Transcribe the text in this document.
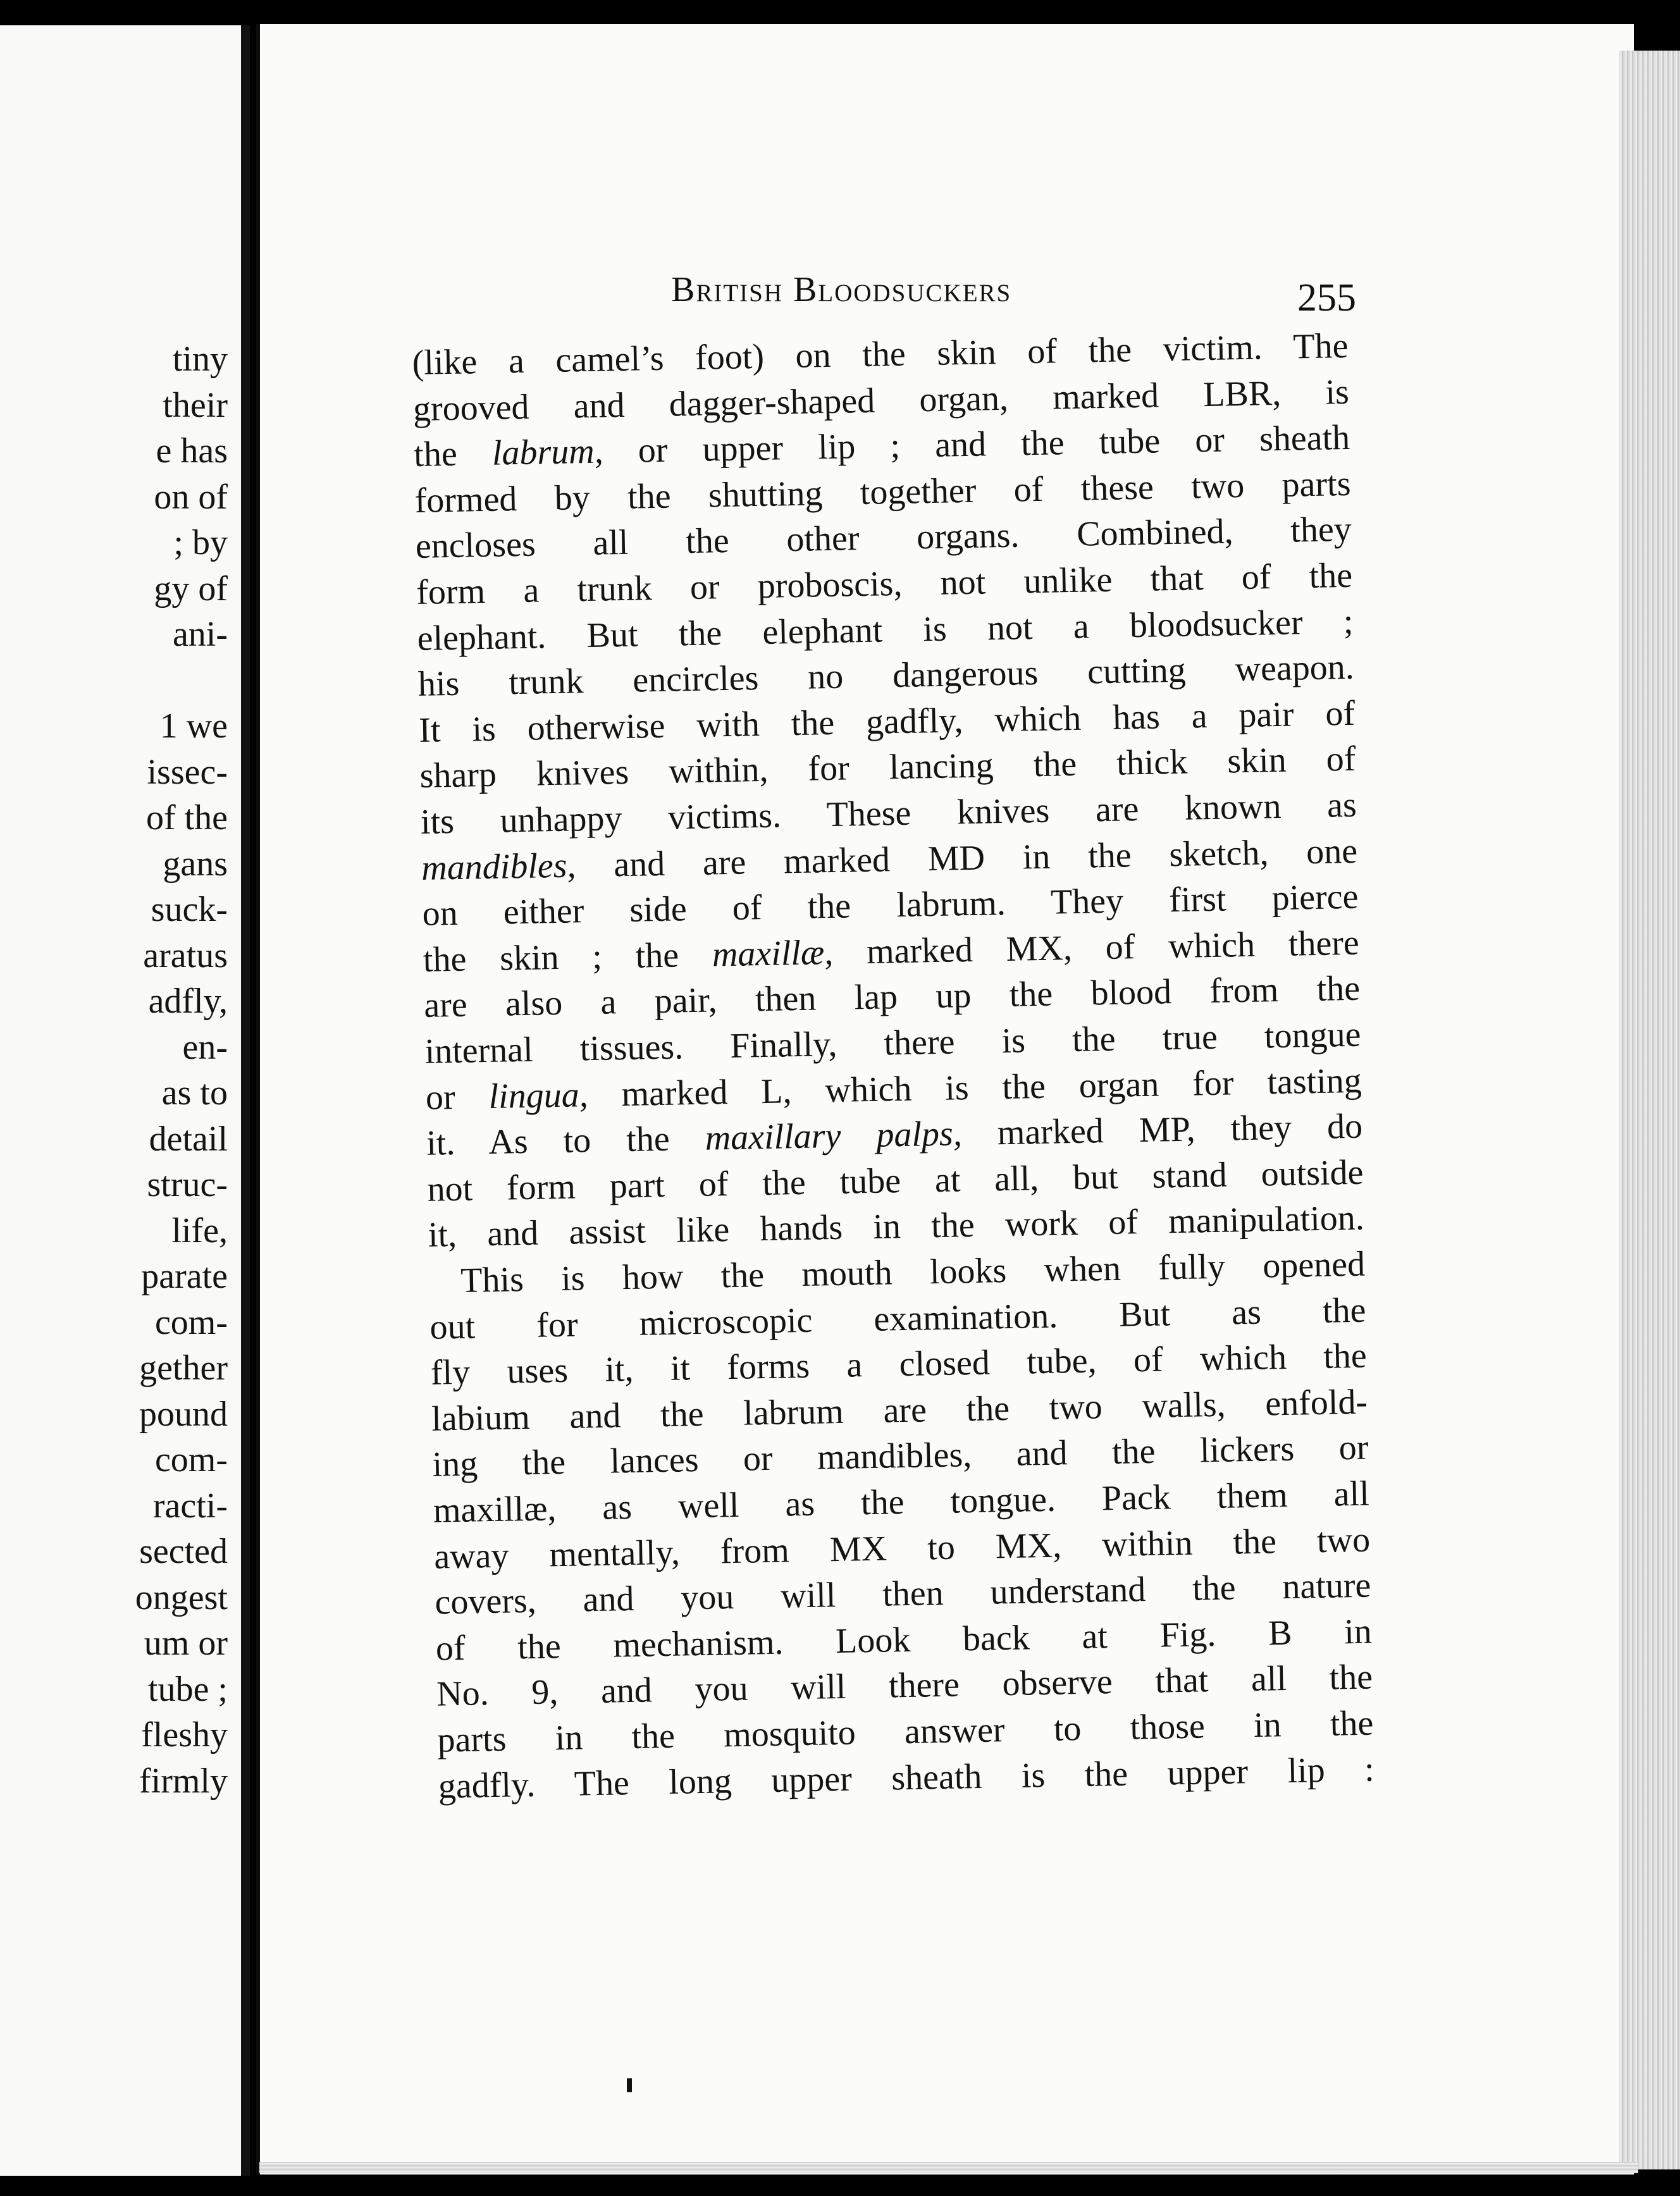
tiny
their
e has
on of
; by
gy of
ani-
1 we
issec-
of the
gans
suck-
aratus
adfly,
en-
as to
detail
struc-
life,
parate
com-
gether
pound
com-
racti-
sected
ongest
um or
tube ;
fleshy
firmly
British Bloodsuckers	255
(like a camel’s foot) on the skin of the victim. The
grooved and dagger-shaped organ, marked LBR, is
the labrum, or upper lip ; and the tube or sheath
formed by the shutting together of these two parts
encloses all the other organs. Combined, they
form a trunk or proboscis, not unlike that of the
elephant. But the elephant is not a bloodsucker ;
his trunk encircles no dangerous cutting weapon.
It is otherwise with the gadfly, which has a pair of
sharp knives within, for lancing the thick skin of
its unhappy victims. These knives are known as
mandibles, and are marked MD in the sketch, one
on either side of the labrum. They first pierce
the skin ; the maxillæ, marked MX, of which there
are also a pair, then lap up the blood from the
internal tissues. Finally, there is the true tongue
or lingua, marked L, which is the organ for tasting
it. As to the maxillary palps, marked MP, they do
not form part of the tube at all, but stand outside
it, and assist like hands in the work of manipulation.
This is how the mouth looks when fully opened
out for microscopic examination. But as the
fly uses it, it forms a closed tube, of which the
labium and the labrum are the two walls, enfold-
ing the lances or mandibles, and the lickers or
maxillæ, as well as the tongue. Pack them all
away mentally, from MX to MX, within the two
covers, and you will then understand the nature
of the mechanism. Look back at Fig. B in
No. 9, and you will there observe that all the
parts in the mosquito answer to those in the
gadfly. The long upper sheath is the upper lip :
